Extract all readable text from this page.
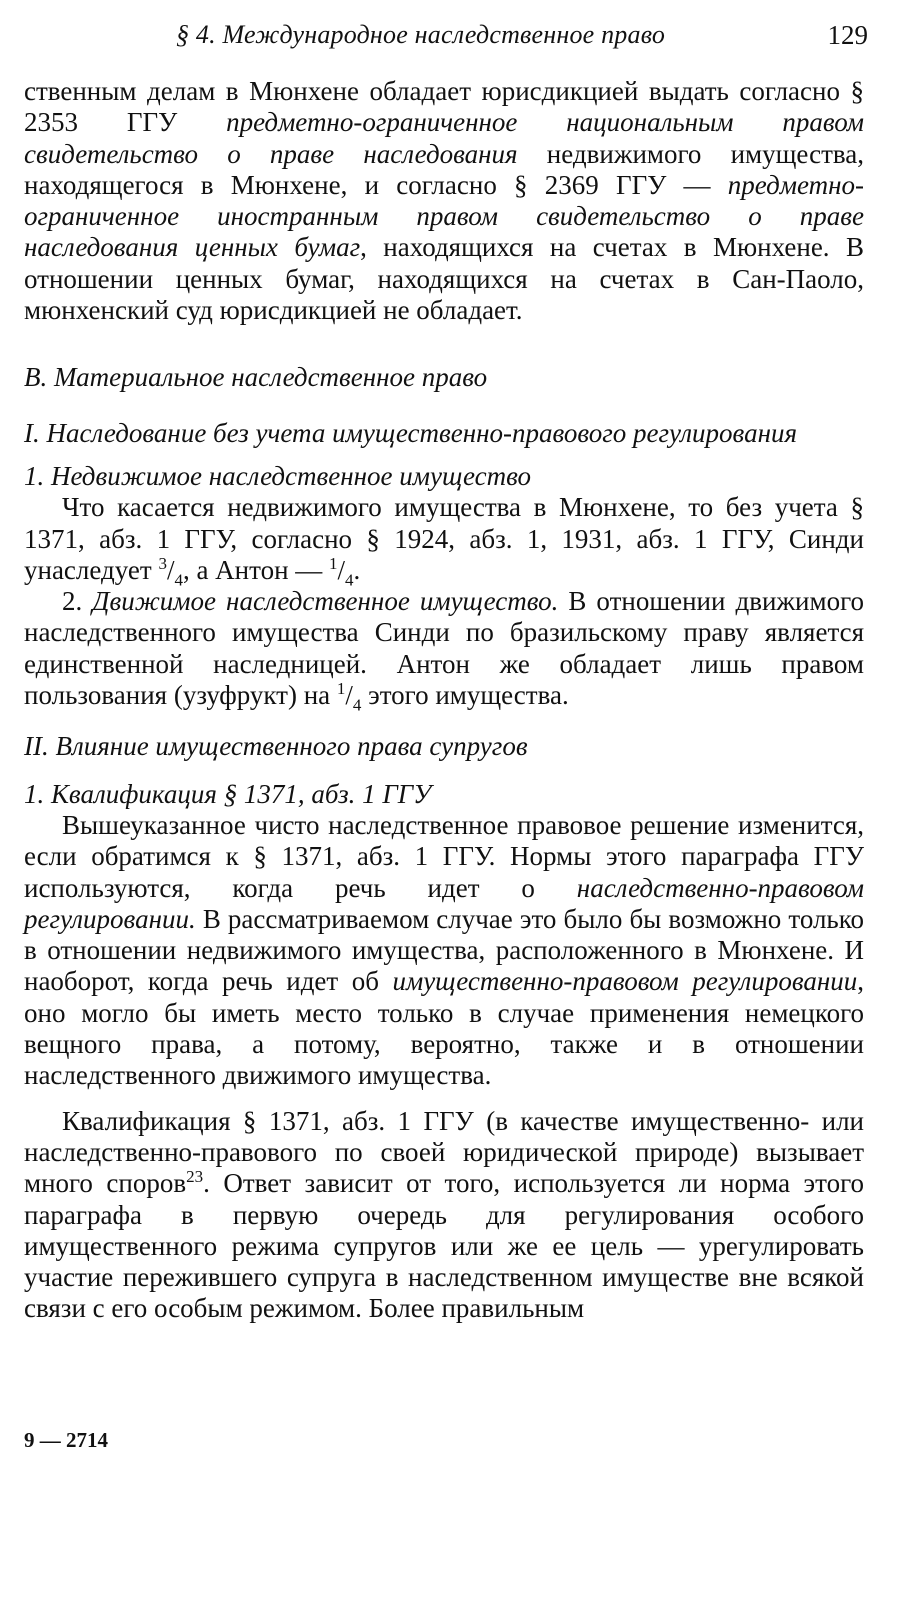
§ 4. Международное наследственное право	129

ственным делам в Мюнхене обладает юрисдикцией выдать согласно § 2353 ГГУ предметно-ограниченное национальным правом свидетельство о праве наследования недвижимого имущества, находящегося в Мюнхене, и согласно § 2369 ГГУ — предметно-ограниченное иностранным правом свидетельство о праве наследования ценных бумаг, находящихся на счетах в Мюнхене. В отношении ценных бумаг, находящихся на счетах в Сан-Паоло, мюнхенский суд юрисдикцией не обладает.

В. Материальное наследственное право

I. Наследование без учета имущественно-правового регулирования

1. Недвижимое наследственное имущество

Что касается недвижимого имущества в Мюнхене, то без учета § 1371, абз. 1 ГГУ, согласно § 1924, абз. 1, 1931, абз. 1 ГГУ, Синди унаследует $^3/_4$, а Антон — $^1/_4$.

2. Движимое наследственное имущество. В отношении движимого наследственного имущества Синди по бразильскому праву является единственной наследницей. Антон же обладает лишь правом пользования (узуфрукт) на $^1/_4$ этого имущества.

II. Влияние имущественного права супругов

1. Квалификация § 1371, абз. 1 ГГУ

Вышеуказанное чисто наследственное правовое решение изменится, если обратимся к § 1371, абз. 1 ГГУ. Нормы этого параграфа ГГУ используются, когда речь идет о наследственно-правовом регулировании. В рассматриваемом случае это было бы возможно только в отношении недвижимого имущества, расположенного в Мюнхене. И наоборот, когда речь идет об имущественно-правовом регулировании, оно могло бы иметь место только в случае применения немецкого вещного права, а потому, вероятно, также и в отношении наследственного движимого имущества.

Квалификация § 1371, абз. 1 ГГУ (в качестве имущественно- или наследственно-правового по своей юридической природе) вызывает много споров$^{23}$. Ответ зависит от того, используется ли норма этого параграфа в первую очередь для регулирования особого имущественного режима супругов или же ее цель — урегулировать участие пережившего супруга в наследственном имуществе вне всякой связи с его особым режимом. Более правильным

9 — 2714
